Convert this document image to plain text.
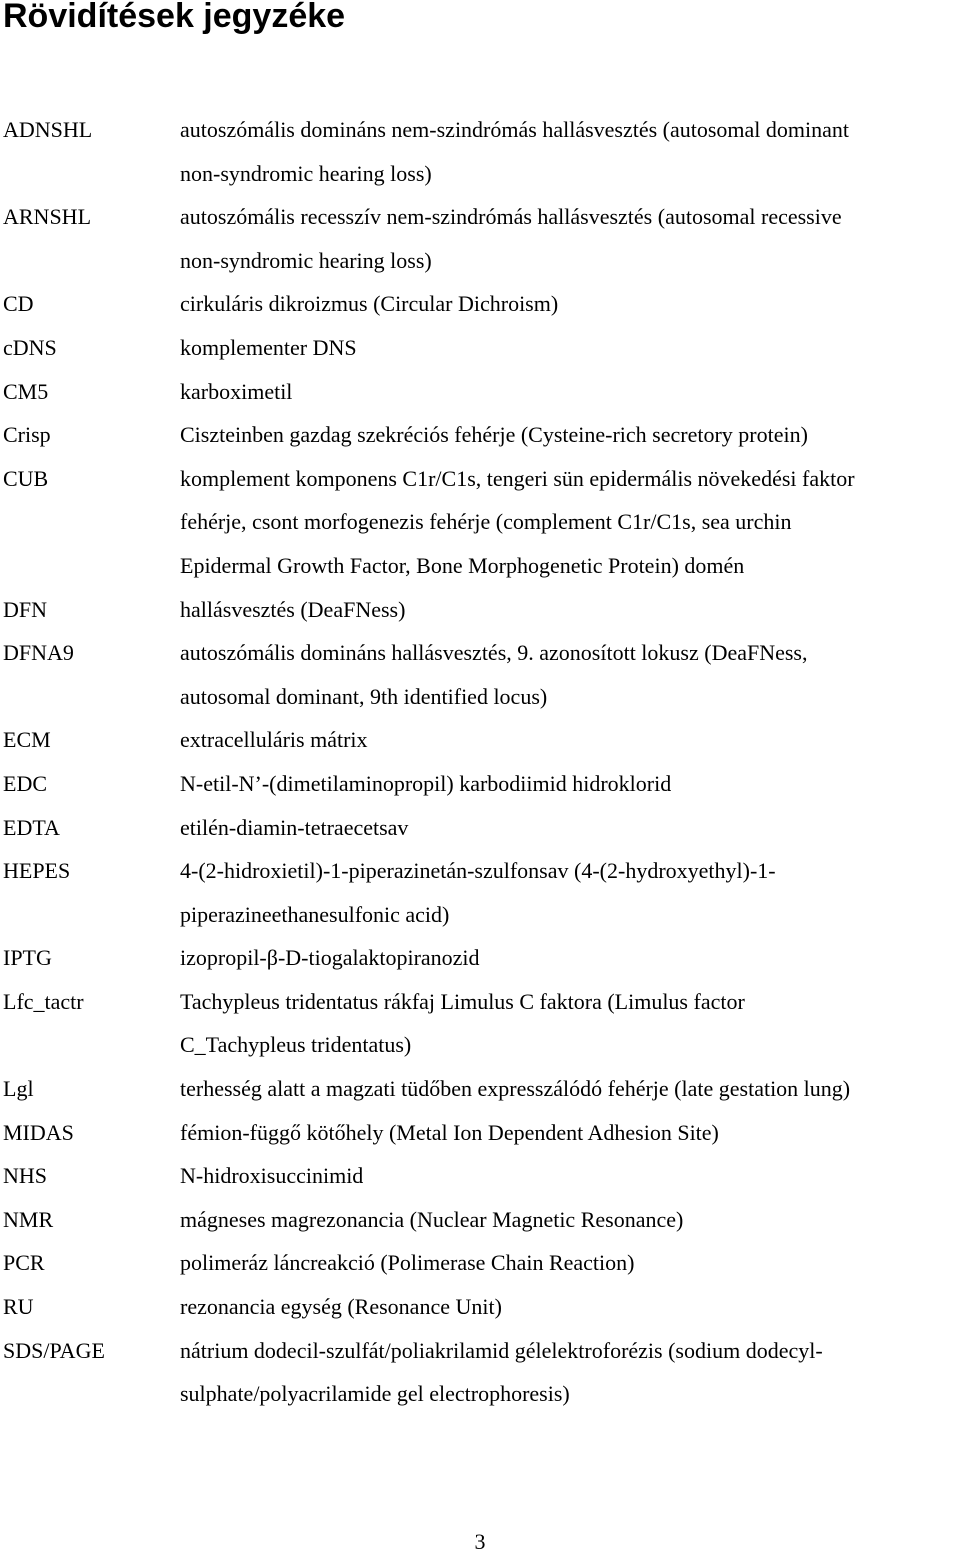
Rövidítések jegyzéke
ADNSHL	autoszómális domináns nem-szindrómás hallásvesztés (autosomal dominant
non-syndromic hearing loss)
ARNSHL	autoszómális recesszív nem-szindrómás hallásvesztés (autosomal recessive
non-syndromic hearing loss)
CD	cirkuláris dikroizmus (Circular Dichroism)
cDNS	komplementer DNS
CM5	karboximetil
Crisp	Ciszteinben gazdag szekréciós fehérje (Cysteine-rich secretory protein)
CUB	komplement komponens C1r/C1s, tengeri sün epidermális növekedési faktor
fehérje, csont morfogenezis fehérje (complement C1r/C1s, sea urchin
Epidermal Growth Factor, Bone Morphogenetic Protein) domén
DFN	hallásvesztés (DeaFNess)
DFNA9	autoszómális domináns hallásvesztés, 9. azonosított lokusz (DeaFNess,
autosomal dominant, 9th identified locus)
ECM	extracelluláris mátrix
EDC	N-etil-N’-(dimetilaminopropil) karbodiimid hidroklorid
EDTA	etilén-diamin-tetraecetsav
HEPES	4-(2-hidroxietil)-1-piperazinetán-szulfonsav (4-(2-hydroxyethyl)-1-
piperazineethanesulfonic acid)
IPTG	izopropil-β-D-tiogalaktopiranozid
Lfc_tactr	Tachypleus tridentatus rákfaj Limulus C faktora (Limulus factor
C_Tachypleus tridentatus)
Lgl	terhesség alatt a magzati tüdőben expresszálódó fehérje (late gestation lung)
MIDAS	fémion-függő kötőhely (Metal Ion Dependent Adhesion Site)
NHS	N-hidroxisuccinimid
NMR	mágneses magrezonancia (Nuclear Magnetic Resonance)
PCR	polimeráz láncreakció (Polimerase Chain Reaction)
RU	rezonancia egység (Resonance Unit)
SDS/PAGE	nátrium dodecil-szulfát/poliakrilamid gélelektroforézis (sodium dodecyl-
sulphate/polyacrilamide gel electrophoresis)
3
